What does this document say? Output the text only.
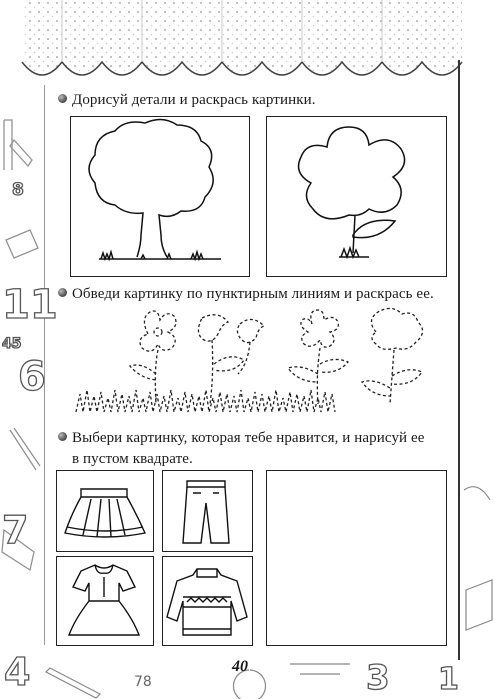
8
11
45
6
7
4
Дорисуй детали и раскрась картинки.
Обведи картинку по пунктирным линиям и раскрась ее.
Выбери картинку, которая тебе нравится, и нарисуй ее
в пустом квадрате.
78	3 1
40
